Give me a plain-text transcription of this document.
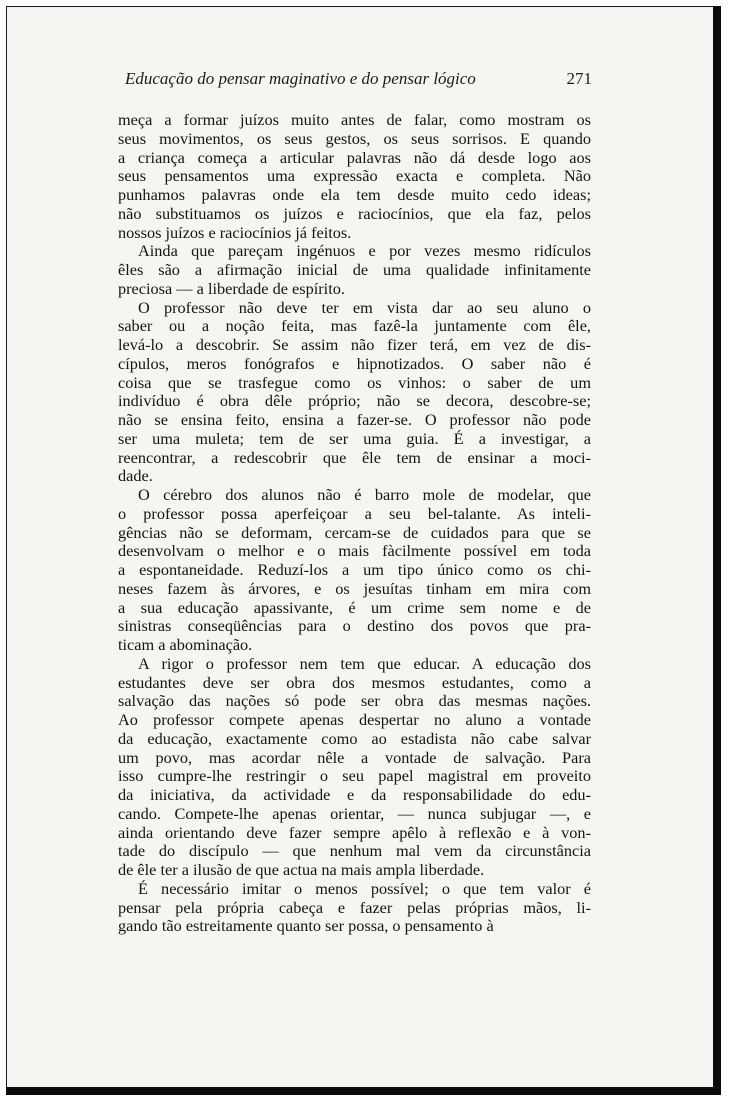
Educação do pensar maginativo e do pensar lógico	271
meça a formar juízos muito antes de falar, como mostram os
seus movimentos, os seus gestos, os seus sorrisos. E quando
a criança começa a articular palavras não dá desde logo aos
seus pensamentos uma expressão exacta e completa. Não
punhamos palavras onde ela tem desde muito cedo ideas;
não substituamos os juízos e raciocínios, que ela faz, pelos
nossos juízos e raciocínios já feitos.
Ainda que pareçam ingénuos e por vezes mesmo ridículos
êles são a afirmação inicial de uma qualidade infinitamente
preciosa — a liberdade de espírito.
O professor não deve ter em vista dar ao seu aluno o
saber ou a noção feita, mas fazê-la juntamente com êle,
levá-lo a descobrir. Se assim não fizer terá, em vez de dis-
cípulos, meros fonógrafos e hipnotizados. O saber não é
coisa que se trasfegue como os vinhos: o saber de um
indivíduo é obra dêle próprio; não se decora, descobre-se;
não se ensina feito, ensina a fazer-se. O professor não pode
ser uma muleta; tem de ser uma guia. É a investigar, a
reencontrar, a redescobrir que êle tem de ensinar a moci-
dade.
O cérebro dos alunos não é barro mole de modelar, que
o professor possa aperfeiçoar a seu bel-talante. As inteli-
gências não se deformam, cercam-se de cuidados para que se
desenvolvam o melhor e o mais fàcilmente possível em toda
a espontaneidade. Reduzí-los a um tipo único como os chi-
neses fazem às árvores, e os jesuítas tinham em mira com
a sua educação apassivante, é um crime sem nome e de
sinistras conseqüências para o destino dos povos que pra-
ticam a abominação.
A rigor o professor nem tem que educar. A educação dos
estudantes deve ser obra dos mesmos estudantes, como a
salvação das nações só pode ser obra das mesmas nações.
Ao professor compete apenas despertar no aluno a vontade
da educação, exactamente como ao estadista não cabe salvar
um povo, mas acordar nêle a vontade de salvação. Para
isso cumpre-lhe restringir o seu papel magistral em proveito
da iniciativa, da actividade e da responsabilidade do edu-
cando. Compete-lhe apenas orientar, — nunca subjugar —, e
ainda orientando deve fazer sempre apêlo à reflexão e à von-
tade do discípulo — que nenhum mal vem da circunstância
de êle ter a ilusão de que actua na mais ampla liberdade.
É necessário imitar o menos possível; o que tem valor é
pensar pela própria cabeça e fazer pelas próprias mãos, li-
gando tão estreitamente quanto ser possa, o pensamento à
